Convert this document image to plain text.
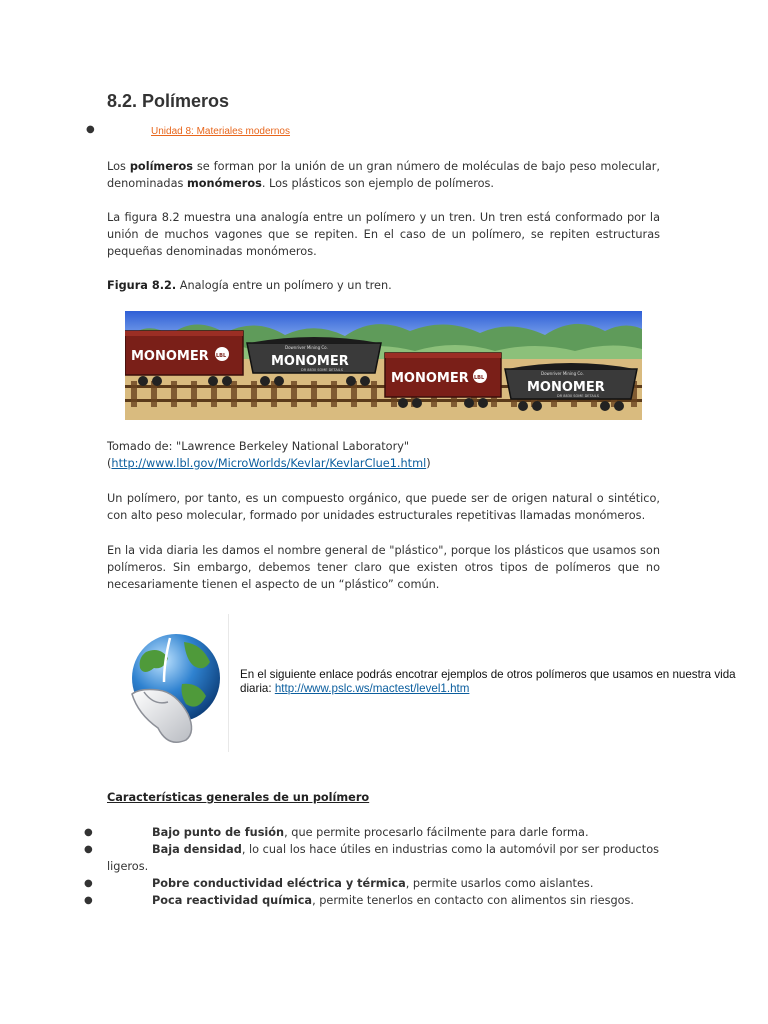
8.2. Polímeros
●	Unidad 8: Materiales modernos

Los polímeros se forman por la unión de un gran número de moléculas de bajo peso molecular, denominadas monómeros. Los plásticos son ejemplo de polímeros.

La figura 8.2 muestra una analogía entre un polímero y un tren. Un tren está conformado por la unión de muchos vagones que se repiten. En el caso de un polímero, se repiten estructuras pequeñas denominadas monómeros.

Figura 8.2. Analogía entre un polímero y un tren.

MONOMER LBL
Downriver Mining Co.
MONOMER
DR 8830 SOME DETAILS
MONOMER LBL
Downriver Mining Co.
MONOMER
DR 8830 SOME DETAILS

Tomado de: "Lawrence Berkeley National Laboratory"
(http://www.lbl.gov/MicroWorlds/Kevlar/KevlarClue1.html)

Un polímero, por tanto, es un compuesto orgánico, que puede ser de origen natural o sintético, con alto peso molecular, formado por unidades estructurales repetitivas llamadas monómeros.

En la vida diaria les damos el nombre general de "plástico", porque los plásticos que usamos son polímeros. Sin embargo, debemos tener claro que existen otros tipos de polímeros que no necesariamente tienen el aspecto de un “plástico” común.

En el siguiente enlace podrás encotrar ejemplos de otros polímeros que usamos en nuestra vida diaria: http://www.pslc.ws/mactest/level1.htm
Características generales de un polímero
●	Bajo punto de fusión, que permite procesarlo fácilmente para darle forma.
●	Baja densidad, lo cual los hace útiles en industrias como la automóvil por ser productos
ligeros.
●	Pobre conductividad eléctrica y térmica, permite usarlos como aislantes.
●	Poca reactividad química, permite tenerlos en contacto con alimentos sin riesgos.
